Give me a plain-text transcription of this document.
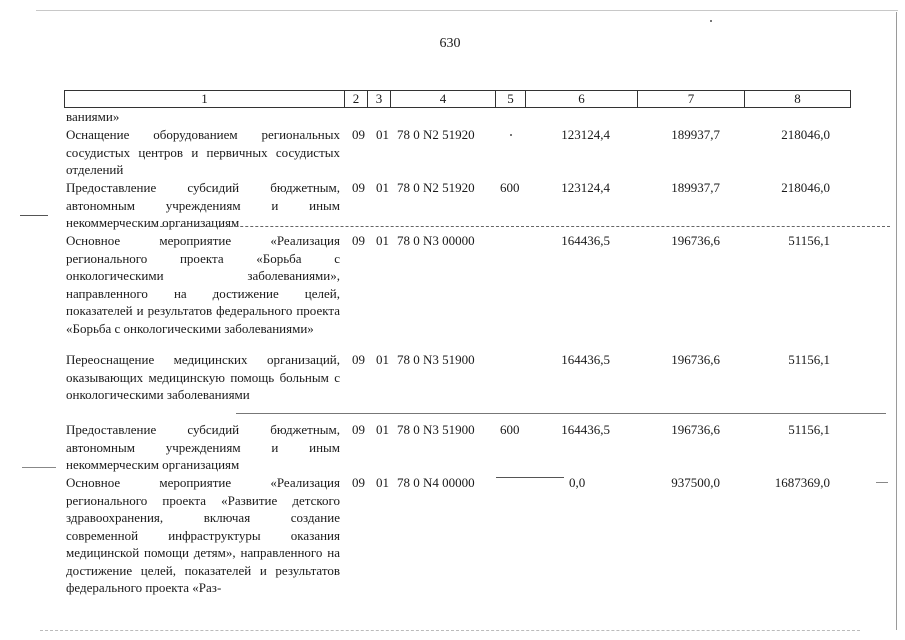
630
1	2	3	4	5	6	7	8
ваниями»
Оснащение оборудованием региональных сосудистых центров и первичных сосудистых отделений
09 01 78 0 N2 51920	123124,4	189937,7	218046,0
Предоставление субсидий бюджетным, автономным учреждениям и иным некоммерческим организациям
09 01 78 0 N2 51920 600	123124,4	189937,7	218046,0
Основное мероприятие «Реализация регионального проекта «Борьба с онкологическими заболеваниями», направленного на достижение целей, показателей и результатов федерального проекта «Борьба с онкологическими заболеваниями»
09 01 78 0 N3 00000	164436,5	196736,6	51156,1
Переоснащение медицинских организаций, оказывающих медицинскую помощь больным с онкологическими заболеваниями
09 01 78 0 N3 51900	164436,5	196736,6	51156,1
Предоставление субсидий бюджетным, автономным учреждениям и иным некоммерческим организациям
09 01 78 0 N3 51900 600	164436,5	196736,6	51156,1
Основное мероприятие «Реализация регионального проекта «Развитие детского здравоохранения, включая создание современной инфраструктуры оказания медицинской помощи детям», направленного на достижение целей, показателей и результатов федерального проекта «Раз-
09 01 78 0 N4 00000	0,0	937500,0	1687369,0
